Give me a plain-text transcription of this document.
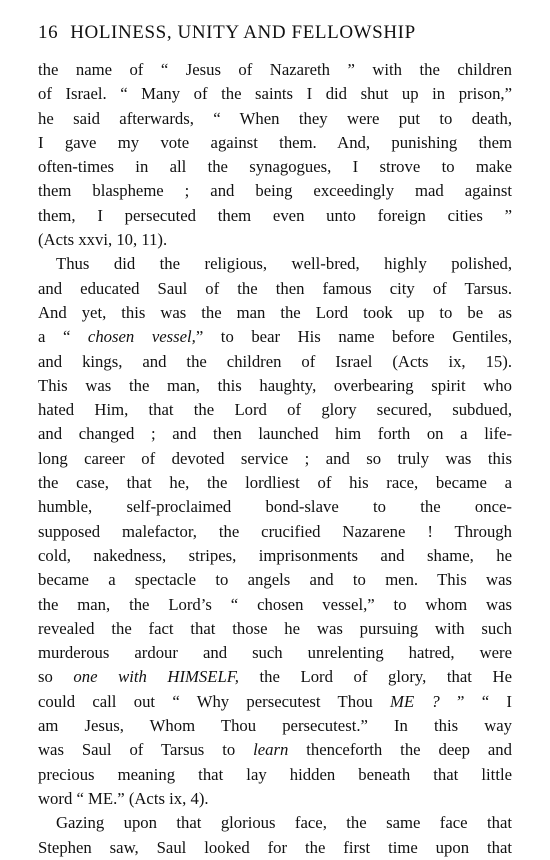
16 HOLINESS, UNITY AND FELLOWSHIP
the name of “ Jesus of Nazareth ” with the children
of Israel. “ Many of the saints I did shut up in prison,”
he said afterwards, “ When they were put to death,
I gave my vote against them. And, punishing them
often-times in all the synagogues, I strove to make
them blaspheme ; and being exceedingly mad against
them, I persecuted them even unto foreign cities ”
(Acts xxvi, 10, 11).
Thus did the religious, well-bred, highly polished,
and educated Saul of the then famous city of Tarsus.
And yet, this was the man the Lord took up to be as
a “ chosen vessel,” to bear His name before Gentiles,
and kings, and the children of Israel (Acts ix, 15).
This was the man, this haughty, overbearing spirit who
hated Him, that the Lord of glory secured, subdued,
and changed ; and then launched him forth on a life-
long career of devoted service ; and so truly was this
the case, that he, the lordliest of his race, became a
humble, self-proclaimed bond-slave to the once-
supposed malefactor, the crucified Nazarene ! Through
cold, nakedness, stripes, imprisonments and shame, he
became a spectacle to angels and to men. This was
the man, the Lord’s “ chosen vessel,” to whom was
revealed the fact that those he was pursuing with such
murderous ardour and such unrelenting hatred, were
so one with HIMSELF, the Lord of glory, that He
could call out “ Why persecutest Thou ME ? ” “ I
am Jesus, Whom Thou persecutest.” In this way
was Saul of Tarsus to learn thenceforth the deep and
precious meaning that lay hidden beneath that little
word “ ME.” (Acts ix, 4).
Gazing upon that glorious face, the same face that
Stephen saw, Saul looked for the first time upon that
